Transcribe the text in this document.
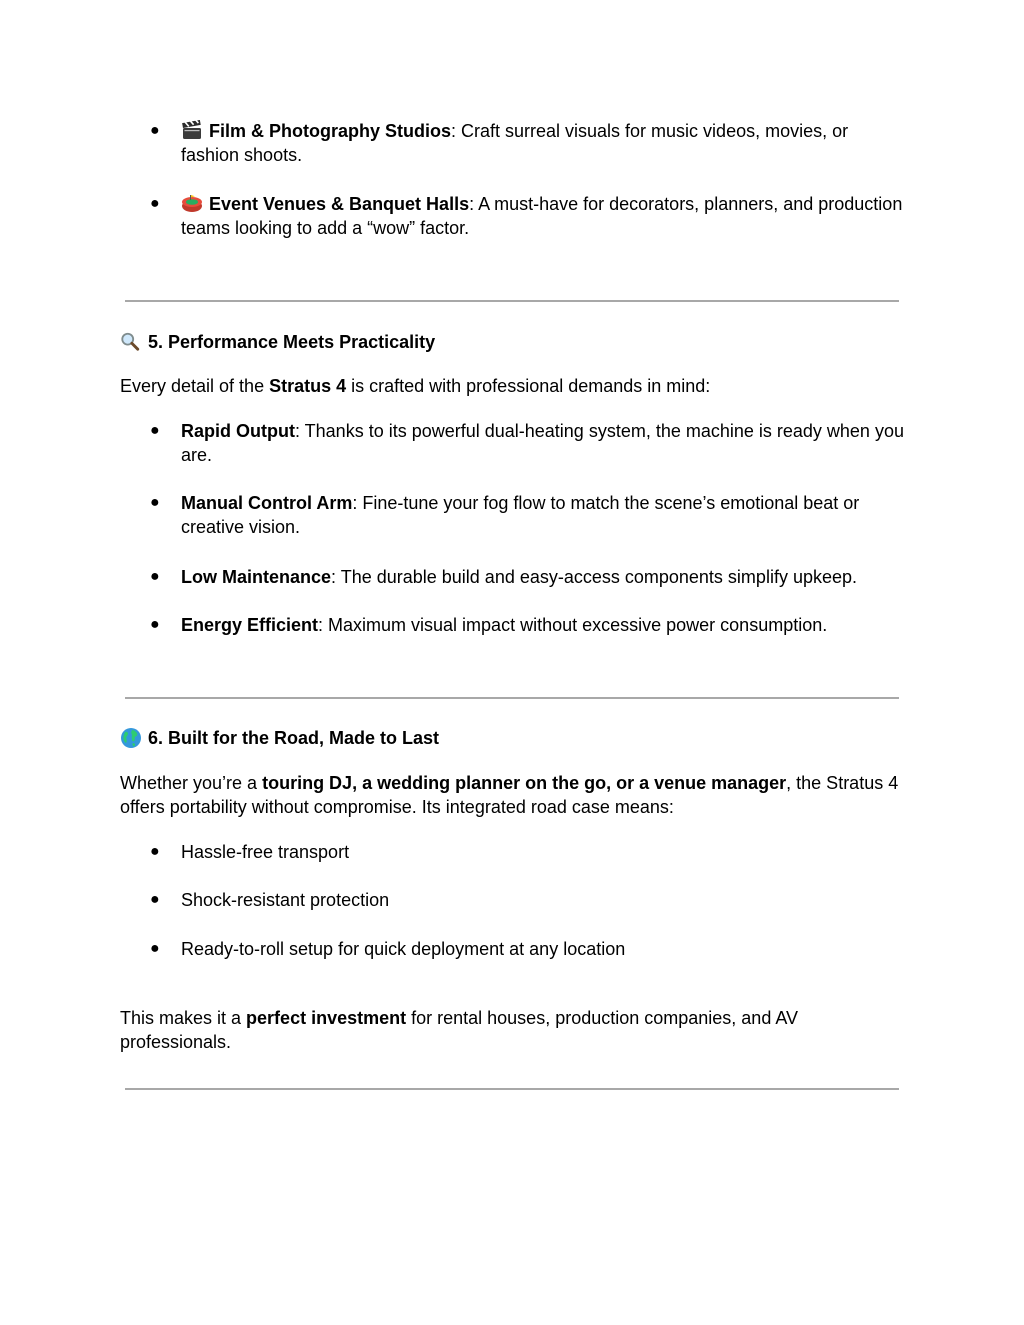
●	Film & Photography Studios: Craft surreal visuals for music videos, movies, or fashion shoots.
●	Event Venues & Banquet Halls: A must-have for decorators, planners, and production teams looking to add a “wow” factor.
5. Performance Meets Practicality
Every detail of the Stratus 4 is crafted with professional demands in mind:
●	Rapid Output: Thanks to its powerful dual-heating system, the machine is ready when you are.
●	Manual Control Arm: Fine-tune your fog flow to match the scene’s emotional beat or creative vision.
●	Low Maintenance: The durable build and easy-access components simplify upkeep.
●	Energy Efficient: Maximum visual impact without excessive power consumption.
6. Built for the Road, Made to Last
Whether you’re a touring DJ, a wedding planner on the go, or a venue manager, the Stratus 4 offers portability without compromise. Its integrated road case means:
●	Hassle-free transport
●	Shock-resistant protection
●	Ready-to-roll setup for quick deployment at any location
This makes it a perfect investment for rental houses, production companies, and AV professionals.
